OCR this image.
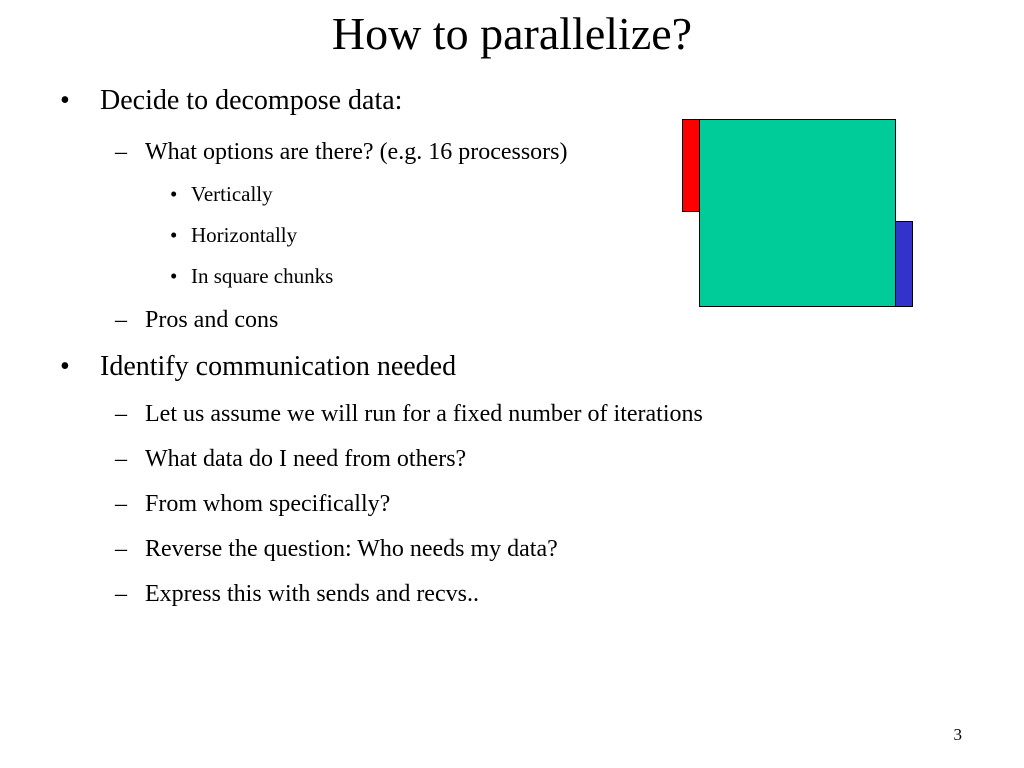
How to parallelize?
• Decide to decompose data:
– What options are there? (e.g. 16 processors)
• Vertically
• Horizontally
• In square chunks
– Pros and cons
• Identify communication needed
– Let us assume we will run for a fixed number of iterations
– What data do I need from others?
– From whom specifically?
– Reverse the question: Who needs my data?
– Express this with sends and recvs..
3
